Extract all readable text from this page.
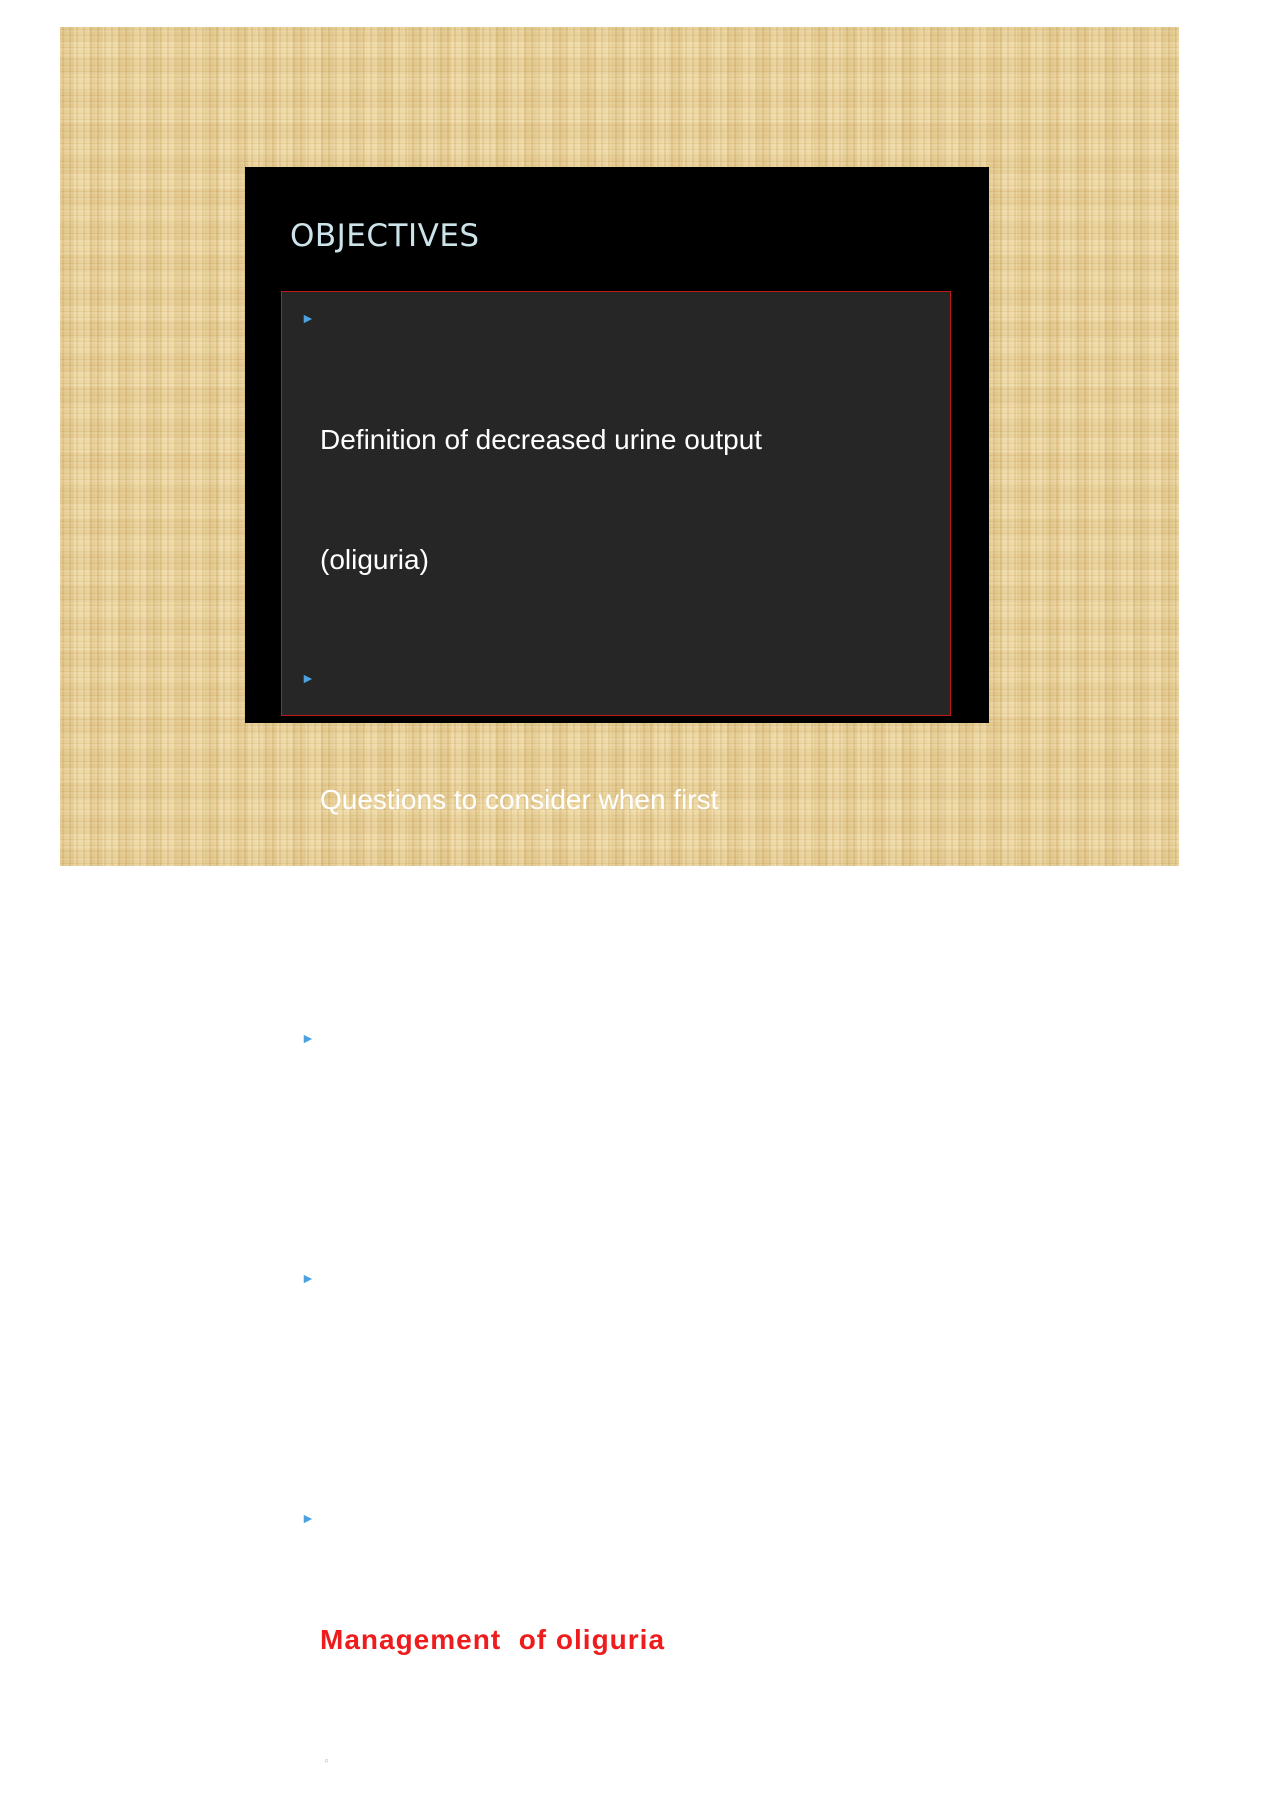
OBJECTIVES

►

Definition of decreased urine output

(oliguria)

►

Questions to consider when first

presented with oliguria

►

Recognizing causes of oliguria

►

Focused review of history and physical

►

Management  of oliguria

◦ Recognizing life threatening
complications
